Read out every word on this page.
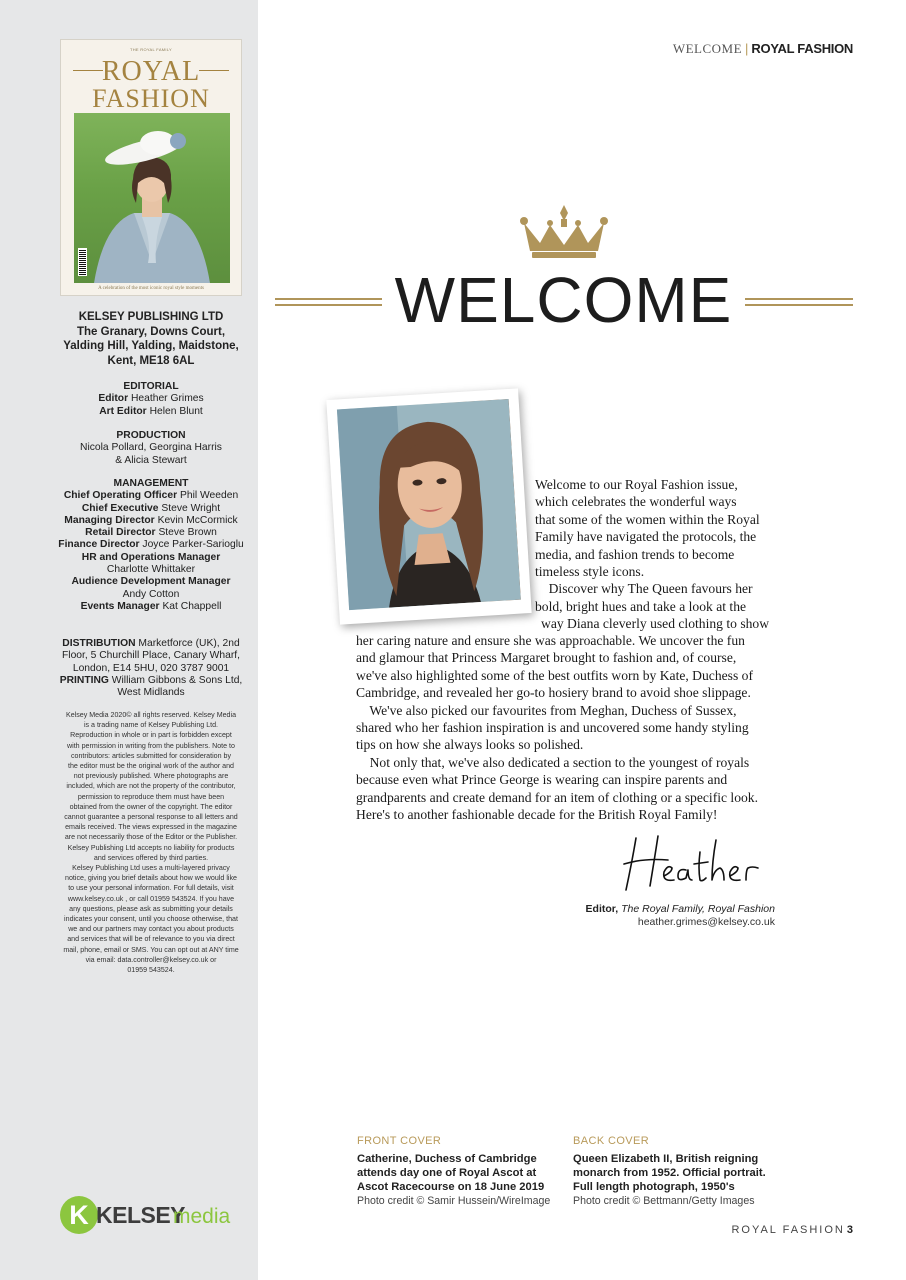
THE ROYAL FAMILY
ROYAL
FASHION
A celebration of the most iconic royal style moments
KELSEY PUBLISHING LTD
The Granary, Downs Court,
Yalding Hill, Yalding, Maidstone,
Kent, ME18 6AL
EDITORIAL
Editor Heather Grimes
Art Editor Helen Blunt
PRODUCTION
Nicola Pollard, Georgina Harris
& Alicia Stewart
MANAGEMENT
Chief Operating Officer Phil Weeden
Chief Executive Steve Wright
Managing Director Kevin McCormick
Retail Director Steve Brown
Finance Director Joyce Parker-Sarioglu
HR and Operations Manager
Charlotte Whittaker
Audience Development Manager
Andy Cotton
Events Manager Kat Chappell
DISTRIBUTION Marketforce (UK), 2nd
Floor, 5 Churchill Place, Canary Wharf,
London, E14 5HU, 020 3787 9001
PRINTING William Gibbons & Sons Ltd,
West Midlands
Kelsey Media 2020© all rights reserved. Kelsey Media
is a trading name of Kelsey Publishing Ltd.
Reproduction in whole or in part is forbidden except
with permission in writing from the publishers. Note to
contributors: articles submitted for consideration by
the editor must be the original work of the author and
not previously published. Where photographs are
included, which are not the property of the contributor,
permission to reproduce them must have been
obtained from the owner of the copyright. The editor
cannot guarantee a personal response to all letters and
emails received. The views expressed in the magazine
are not necessarily those of the Editor or the Publisher.
Kelsey Publishing Ltd accepts no liability for products
and services offered by third parties.
Kelsey Publishing Ltd uses a multi-layered privacy
notice, giving you brief details about how we would like
to use your personal information. For full details, visit
www.kelsey.co.uk , or call 01959 543524. If you have
any questions, please ask as submitting your details
indicates your consent, until you choose otherwise, that
we and our partners may contact you about products
and services that will be of relevance to you via direct
mail, phone, email or SMS. You can opt out at ANY time
via email: data.controller@kelsey.co.uk or
01959 543524.
K KELSEY
media
WELCOME | ROYAL FASHION
WELCOME
Welcome to our Royal Fashion issue,
which celebrates the wonderful ways
that some of the women within the Royal
Family have navigated the protocols, the
media, and fashion trends to become
timeless style icons.
Discover why The Queen favours her
bold, bright hues and take a look at the
way Diana cleverly used clothing to show
her caring nature and ensure she was approachable. We uncover the fun
and glamour that Princess Margaret brought to fashion and, of course,
we've also highlighted some of the best outfits worn by Kate, Duchess of
Cambridge, and revealed her go-to hosiery brand to avoid shoe slippage.
We've also picked our favourites from Meghan, Duchess of Sussex,
shared who her fashion inspiration is and uncovered some handy styling
tips on how she always looks so polished.
Not only that, we've also dedicated a section to the youngest of royals
because even what Prince George is wearing can inspire parents and
grandparents and create demand for an item of clothing or a specific look.
Here's to another fashionable decade for the British Royal Family!
Editor, The Royal Family, Royal Fashion
heather.grimes@kelsey.co.uk
FRONT COVER
Catherine, Duchess of Cambridge
attends day one of Royal Ascot at
Ascot Racecourse on 18 June 2019
Photo credit © Samir Hussein/WireImage
BACK COVER
Queen Elizabeth II, British reigning
monarch from 1952. Official portrait.
Full length photograph, 1950's
Photo credit © Bettmann/Getty Images
ROYAL FASHION 3
